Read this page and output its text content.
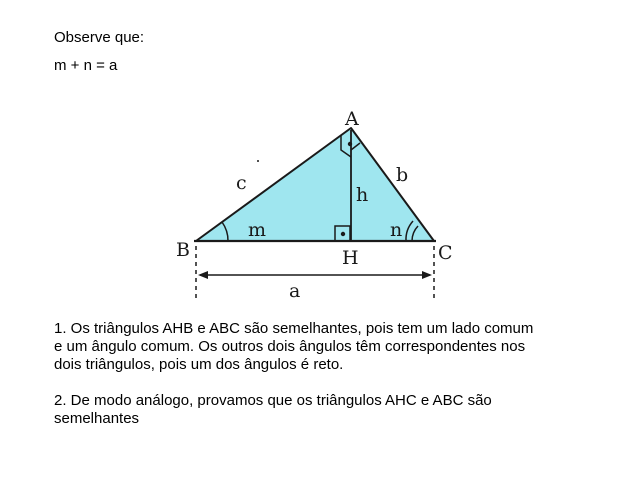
Observe que:
m + n = a
A
B	C
H
a
b
c
h
m	n
1. Os triângulos AHB e ABC são semelhantes, pois tem um lado comum
e um ângulo comum. Os outros dois ângulos têm correspondentes nos
dois triângulos, pois um dos ângulos é reto.
2. De modo análogo, provamos que os triângulos AHC e ABC são
semelhantes
